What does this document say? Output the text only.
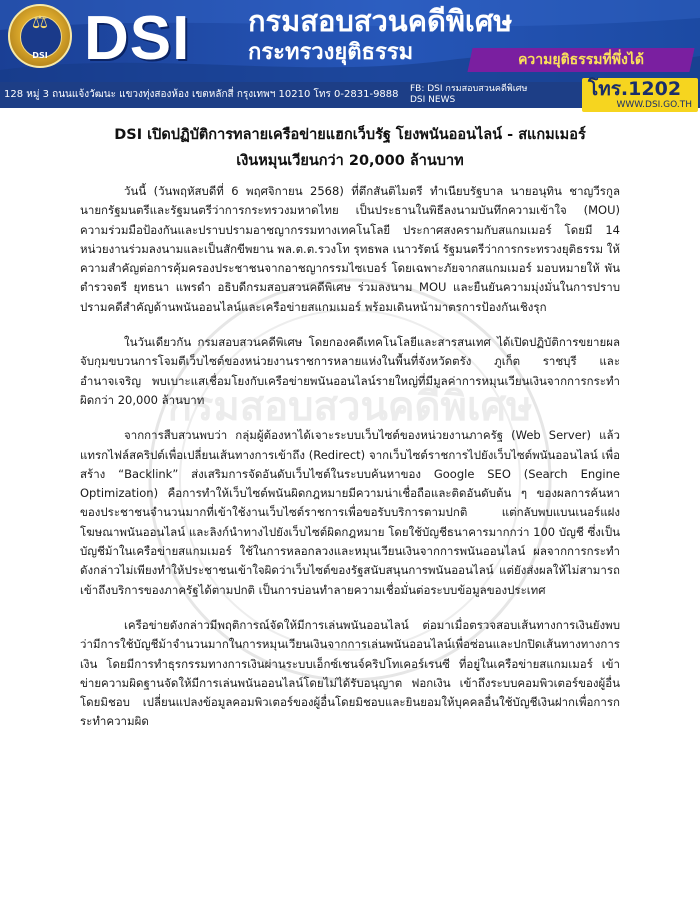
⚖
DSI DSI กรมสอบสวนคดีพิเศษ
กระทรวงยุติธรรม	ความยุติธรรมที่พึ่งได้
128 หมู่ 3 ถนนแจ้งวัฒนะ แขวงทุ่งสองห้อง เขตหลักสี่ กรุงเทพฯ 10210 โทร 0-2831-9888 FB: DSI กรมสอบสวนคดีพิเศษ
DSI NEWS	โทร.1202
WWW.DSI.GO.TH
กรมสอบสวนคดีพิเศษ
DSI เปิดปฏิบัติการทลายเครือข่ายแฮกเว็บรัฐ โยงพนันออนไลน์ - สแกมเมอร์
เงินหมุนเวียนกว่า 20,000 ล้านบาท

วันนี้ (วันพฤหัสบดีที่ 6 พฤศจิกายน 2568) ที่ตึกสันติไมตรี ทำเนียบรัฐบาล นายอนุทิน ชาญวีรกูล นายกรัฐมนตรีและรัฐมนตรีว่าการกระทรวงมหาดไทย เป็นประธานในพิธีลงนามบันทึกความเข้าใจ (MOU) ความร่วมมือป้องกันและปราบปรามอาชญากรรมทางเทคโนโลยี ประกาศสงครามกับสแกมเมอร์ โดยมี 14 หน่วยงานร่วมลงนามและเป็นสักขีพยาน พล.ต.ต.รวงโท รุทธพล เนาวรัตน์ รัฐมนตรีว่าการกระทรวงยุติธรรม ให้ความสำคัญต่อการคุ้มครองประชาชนจากอาชญากรรมไซเบอร์ โดยเฉพาะภัยจากสแกมเมอร์ มอบหมายให้ พันตำรวจตรี ยุทธนา แพรดำ อธิบดีกรมสอบสวนคดีพิเศษ ร่วมลงนาม MOU และยืนยันความมุ่งมั่นในการปราบปรามคดีสำคัญด้านพนันออนไลน์และเครือข่ายสแกมเมอร์ พร้อมเดินหน้ามาตรการป้องกันเชิงรุก

ในวันเดียวกัน กรมสอบสวนคดีพิเศษ โดยกองคดีเทคโนโลยีและสารสนเทศ ได้เปิดปฏิบัติการขยายผลจับกุมขบวนการโจมตีเว็บไซต์ของหน่วยงานราชการหลายแห่งในพื้นที่จังหวัดตรัง ภูเก็ต ราชบุรี และอำนาจเจริญ พบเบาะแสเชื่อมโยงกับเครือข่ายพนันออนไลน์รายใหญ่ที่มีมูลค่าการหมุนเวียนเงินจากการกระทำผิดกว่า 20,000 ล้านบาท

จากการสืบสวนพบว่า กลุ่มผู้ต้องหาได้เจาะระบบเว็บไซต์ของหน่วยงานภาครัฐ (Web Server) แล้วแทรกไฟล์สคริปต์เพื่อเปลี่ยนเส้นทางการเข้าถึง (Redirect) จากเว็บไซต์ราชการไปยังเว็บไซต์พนันออนไลน์ เพื่อสร้าง “Backlink” ส่งเสริมการจัดอันดับเว็บไซต์ในระบบค้นหาของ Google SEO (Search Engine Optimization) คือการทำให้เว็บไซต์พนันผิดกฎหมายมีความน่าเชื่อถือและติดอันดับต้น ๆ ของผลการค้นหาของประชาชนจำนวนมากที่เข้าใช้งานเว็บไซต์ราชการเพื่อขอรับบริการตามปกติ แต่กลับพบแบนเนอร์แฝงโฆษณาพนันออนไลน์ และลิงก์นำทางไปยังเว็บไซต์ผิดกฎหมาย โดยใช้บัญชีธนาคารมากกว่า 100 บัญชี ซึ่งเป็นบัญชีม้าในเครือข่ายสแกมเมอร์ ใช้ในการหลอกลวงและหมุนเวียนเงินจากการพนันออนไลน์ ผลจากการกระทำดังกล่าวไม่เพียงทำให้ประชาชนเข้าใจผิดว่าเว็บไซต์ของรัฐสนับสนุนการพนันออนไลน์ แต่ยังส่งผลให้ไม่สามารถเข้าถึงบริการของภาครัฐได้ตามปกติ เป็นการบ่อนทำลายความเชื่อมั่นต่อระบบข้อมูลของประเทศ

เครือข่ายดังกล่าวมีพฤติการณ์จัดให้มีการเล่นพนันออนไลน์ ต่อมาเมื่อตรวจสอบเส้นทางการเงินยังพบว่ามีการใช้บัญชีม้าจำนวนมากในการหมุนเวียนเงินจากการเล่นพนันออนไลน์เพื่อซ่อนและปกปิดเส้นทางทางการเงิน โดยมีการทำธุรกรรมทางการเงินผ่านระบบเอ็กซ์เชนจ์คริปโทเคอร์เรนซี ที่อยู่ในเครือข่ายสแกมเมอร์ เข้าข่ายความผิดฐานจัดให้มีการเล่นพนันออนไลน์โดยไม่ได้รับอนุญาต ฟอกเงิน เข้าถึงระบบคอมพิวเตอร์ของผู้อื่นโดยมิชอบ เปลี่ยนแปลงข้อมูลคอมพิวเตอร์ของผู้อื่นโดยมิชอบและยินยอมให้บุคคลอื่นใช้บัญชีเงินฝากเพื่อการกระทำความผิด
